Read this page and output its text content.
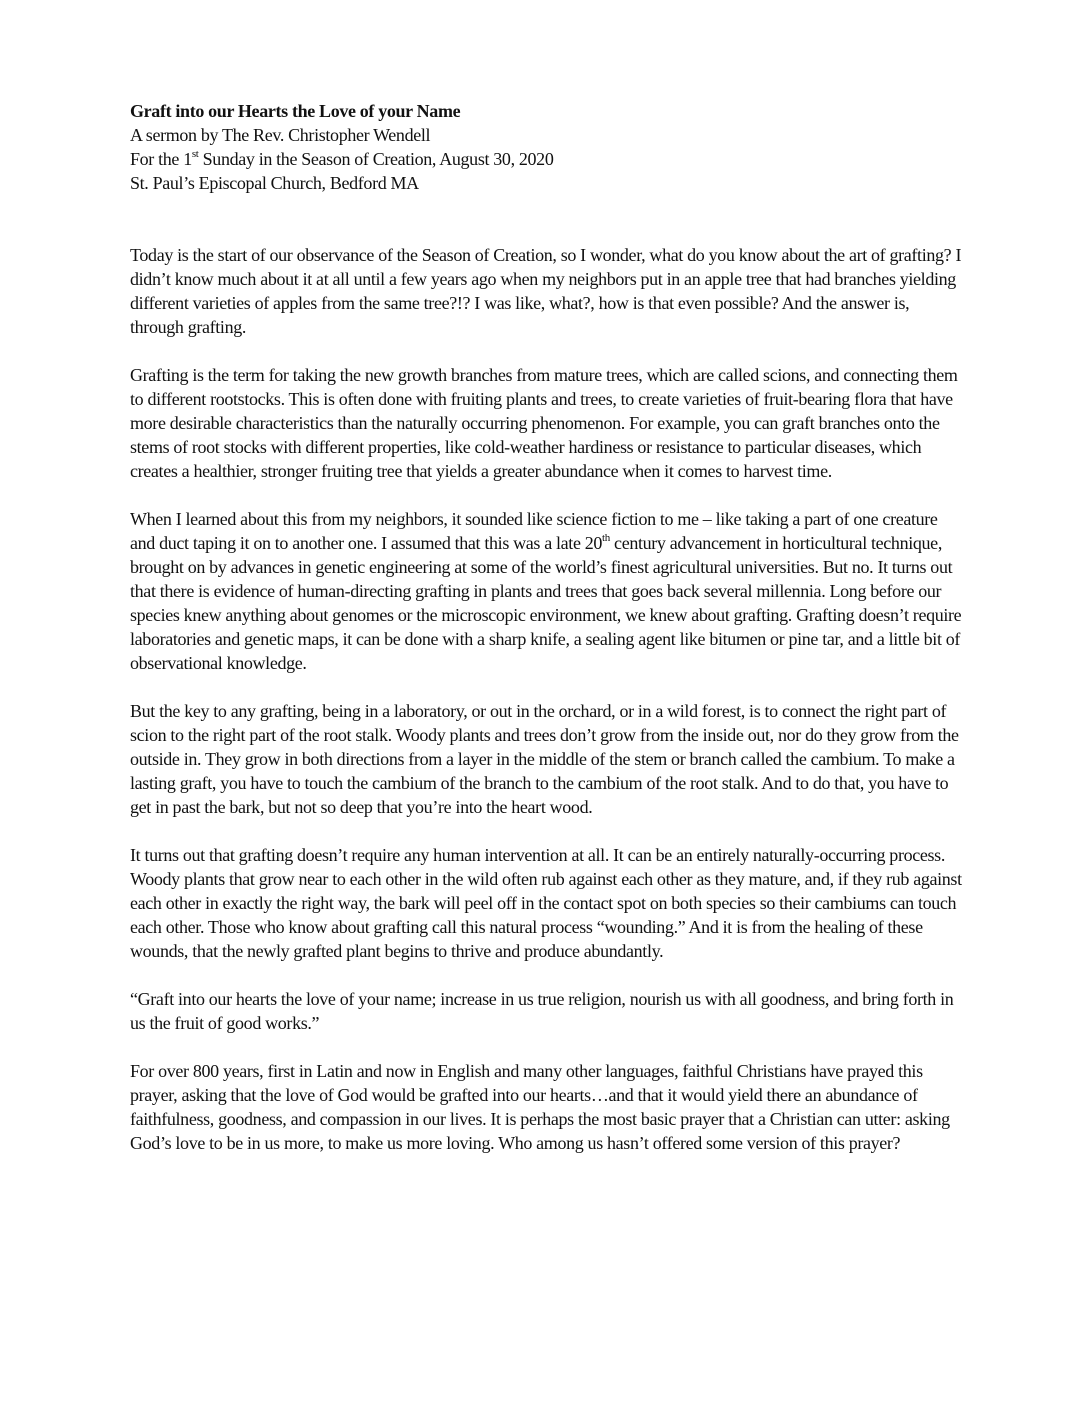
Graft into our Hearts the Love of your Name
A sermon by The Rev. Christopher Wendell
For the 1st Sunday in the Season of Creation, August 30, 2020
St. Paul’s Episcopal Church, Bedford MA

Today is the start of our observance of the Season of Creation, so I wonder, what do you know about the art of grafting? I didn’t know much about it at all until a few years ago when my neighbors put in an apple tree that had branches yielding different varieties of apples from the same tree?!? I was like, what?, how is that even possible? And the answer is, through grafting.

Grafting is the term for taking the new growth branches from mature trees, which are called scions, and connecting them to different rootstocks. This is often done with fruiting plants and trees, to create varieties of fruit-bearing flora that have more desirable characteristics than the naturally occurring phenomenon. For example, you can graft branches onto the stems of root stocks with different properties, like cold-weather hardiness or resistance to particular diseases, which creates a healthier, stronger fruiting tree that yields a greater abundance when it comes to harvest time.

When I learned about this from my neighbors, it sounded like science fiction to me – like taking a part of one creature and duct taping it on to another one. I assumed that this was a late 20th century advancement in horticultural technique, brought on by advances in genetic engineering at some of the world’s finest agricultural universities. But no. It turns out that there is evidence of human-directing grafting in plants and trees that goes back several millennia. Long before our species knew anything about genomes or the microscopic environment, we knew about grafting. Grafting doesn’t require laboratories and genetic maps, it can be done with a sharp knife, a sealing agent like bitumen or pine tar, and a little bit of observational knowledge.

But the key to any grafting, being in a laboratory, or out in the orchard, or in a wild forest, is to connect the right part of scion to the right part of the root stalk. Woody plants and trees don’t grow from the inside out, nor do they grow from the outside in. They grow in both directions from a layer in the middle of the stem or branch called the cambium. To make a lasting graft, you have to touch the cambium of the branch to the cambium of the root stalk. And to do that, you have to get in past the bark, but not so deep that you’re into the heart wood.

It turns out that grafting doesn’t require any human intervention at all. It can be an entirely naturally-occurring process. Woody plants that grow near to each other in the wild often rub against each other as they mature, and, if they rub against each other in exactly the right way, the bark will peel off in the contact spot on both species so their cambiums can touch each other. Those who know about grafting call this natural process “wounding.” And it is from the healing of these wounds, that the newly grafted plant begins to thrive and produce abundantly.

“Graft into our hearts the love of your name; increase in us true religion, nourish us with all goodness, and bring forth in us the fruit of good works.”

For over 800 years, first in Latin and now in English and many other languages, faithful Christians have prayed this prayer, asking that the love of God would be grafted into our hearts…and that it would yield there an abundance of faithfulness, goodness, and compassion in our lives. It is perhaps the most basic prayer that a Christian can utter: asking God’s love to be in us more, to make us more loving. Who among us hasn’t offered some version of this prayer?
